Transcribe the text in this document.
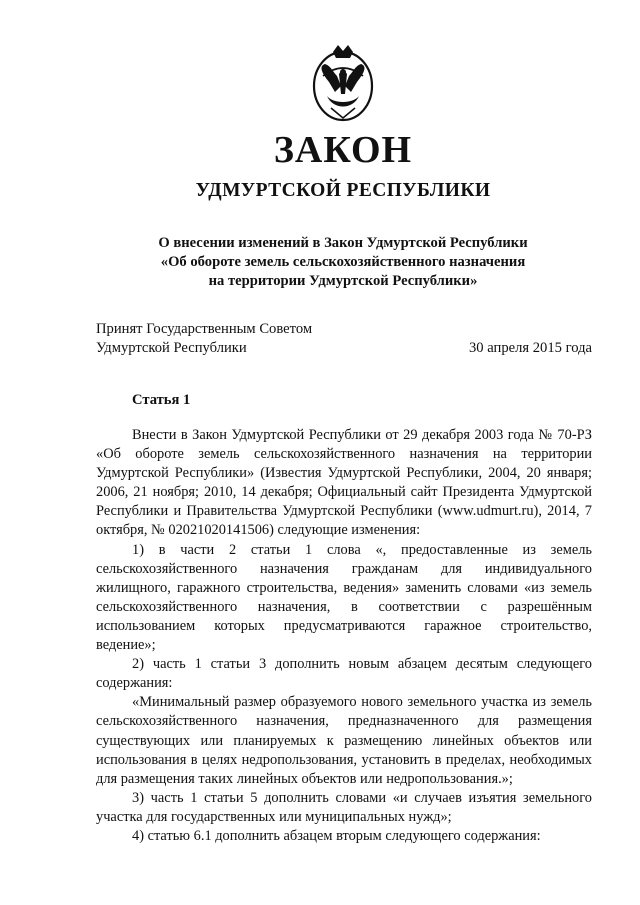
ЗАКОН
УДМУРТСКОЙ РЕСПУБЛИКИ
О внесении изменений в Закон Удмуртской Республики
«Об обороте земель сельскохозяйственного назначения
на территории Удмуртской Республики»
Принят Государственным Советом
Удмуртской Республики	30 апреля 2015 года
Статья 1

Внести в Закон Удмуртской Республики от 29 декабря 2003 года № 70-РЗ «Об обороте земель сельскохозяйственного назначения на территории Удмуртской Республики» (Известия Удмуртской Республики, 2004, 20 января; 2006, 21 ноября; 2010, 14 декабря; Официальный сайт Президента Удмуртской Республики и Правительства Удмуртской Республики (www.udmurt.ru), 2014, 7 октября, № 02021020141506) следующие изменения:

1) в части 2 статьи 1 слова «, предоставленные из земель сельскохозяйственного назначения гражданам для индивидуального жилищного, гаражного строительства, ведения» заменить словами «из земель сельскохозяйственного назначения, в соответствии с разрешённым использованием которых предусматриваются гаражное строительство, ведение»;

2) часть 1 статьи 3 дополнить новым абзацем десятым следующего содержания:

«Минимальный размер образуемого нового земельного участка из земель сельскохозяйственного назначения, предназначенного для размещения существующих или планируемых к размещению линейных объектов или использования в целях недропользования, установить в пределах, необходимых для размещения таких линейных объектов или недропользования.»;

3) часть 1 статьи 5 дополнить словами «и случаев изъятия земельного участка для государственных или муниципальных нужд»;

4) статью 6.1 дополнить абзацем вторым следующего содержания:
